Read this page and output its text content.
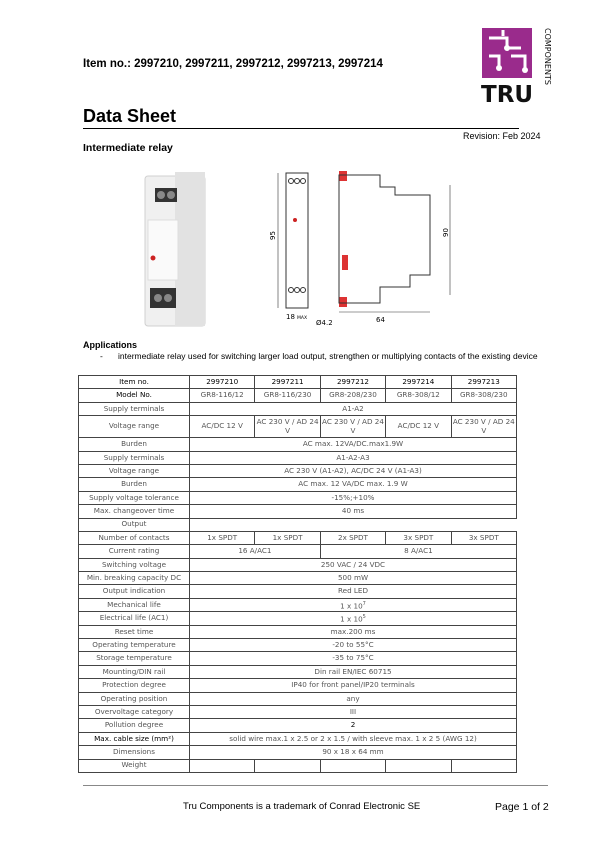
Item no.: 2997210, 2997211, 2997212, 2997213, 2997214
TRU
COMPONENTS
Data Sheet
Revision: Feb 2024
Intermediate relay
95
18 MAX
Ø4.2	64
90
Applications
- intermediate relay used for switching larger load output, strengthen or multiplying contacts of the existing device
Item no.	2997210	2997211	2997212	2997214	2997213
Model No.	GR8-116/12	GR8-116/230	GR8-208/230	GR8-308/12	GR8-308/230
Supply terminals	A1-A2				
Voltage range	AC/DC 12 V	AC 230 V / AD 24 V	AC 230 V / AD 24 V	AC/DC 12 V	AC 230 V / AD 24 V
Burden	AC max. 12VA/DC.max1.9W				
Supply terminals	A1-A2-A3				
Voltage range	AC 230 V (A1-A2), AC/DC 24 V (A1-A3)				
Burden	AC max. 12 VA/DC max. 1.9 W				
Supply voltage tolerance	-15%;+10%				
Max. changeover time	40 ms				
Output					
Number of contacts	1x SPDT	1x SPDT	2x SPDT	3x SPDT	3x SPDT
Current rating	16 A/AC1		8 A/AC1		
Switching voltage	250 VAC / 24 VDC				
Min. breaking capacity DC	500 mW				
Output indication	Red LED				
Mechanical life	1 x $10^7$
Electrical life (AC1)	1 x $10^5$
Reset time	max.200 ms				
Operating temperature	-20 to 55°C				
Storage temperature	-35 to 75°C				
Mounting/DIN rail	Din rail EN/IEC 60715				
Protection degree	IP40 for front panel/IP20 terminals				
Operating position	any				
Overvoltage category	III				
Pollution degree	2				
Max. cable size (mm²)	solid wire max.1 x 2.5 or 2 x 1.5 / with sleeve max. 1 x 2 5 (AWG 12)				
Dimensions	90 x 18 x 64 mm				
Weight					
Tru Components is a trademark of Conrad Electronic SE	Page 1 of 2
